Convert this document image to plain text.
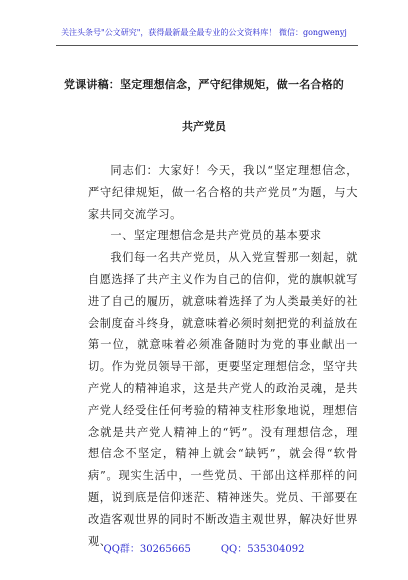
关注头条号"公文研究"，获得最新最全最专业的公文资料库！ 微信：gongwenyj
党课讲稿：坚定理想信念，严守纪律规矩，做一名合格的
共产党员

同志们：大家好！今天，我以“坚定理想信念，严守纪律规矩，做一名合格的共产党员”为题，与大家共同交流学习。

一、坚定理想信念是共产党员的基本要求

我们每一名共产党员，从入党宣誓那一刻起，就自愿选择了共产主义作为自己的信仰，党的旗帜就写进了自己的履历，就意味着选择了为人类最美好的社会制度奋斗终身，就意味着必须时刻把党的利益放在第一位，就意味着必须准备随时为党的事业献出一切。作为党员领导干部，更要坚定理想信念，坚守共产党人的精神追求，这是共产党人的政治灵魂，是共产党人经受住任何考验的精神支柱形象地说，理想信念就是共产党人精神上的“钙”。没有理想信念，理想信念不坚定，精神上就会“缺钙”，就会得“软骨病”。现实生活中，一些党员、干部出这样那样的问题，说到底是信仰迷茫、精神迷失。党员、干部要在改造客观世界的同时不断改造主观世界，解决好世界观、

QQ群：30265665	QQ：535304092
